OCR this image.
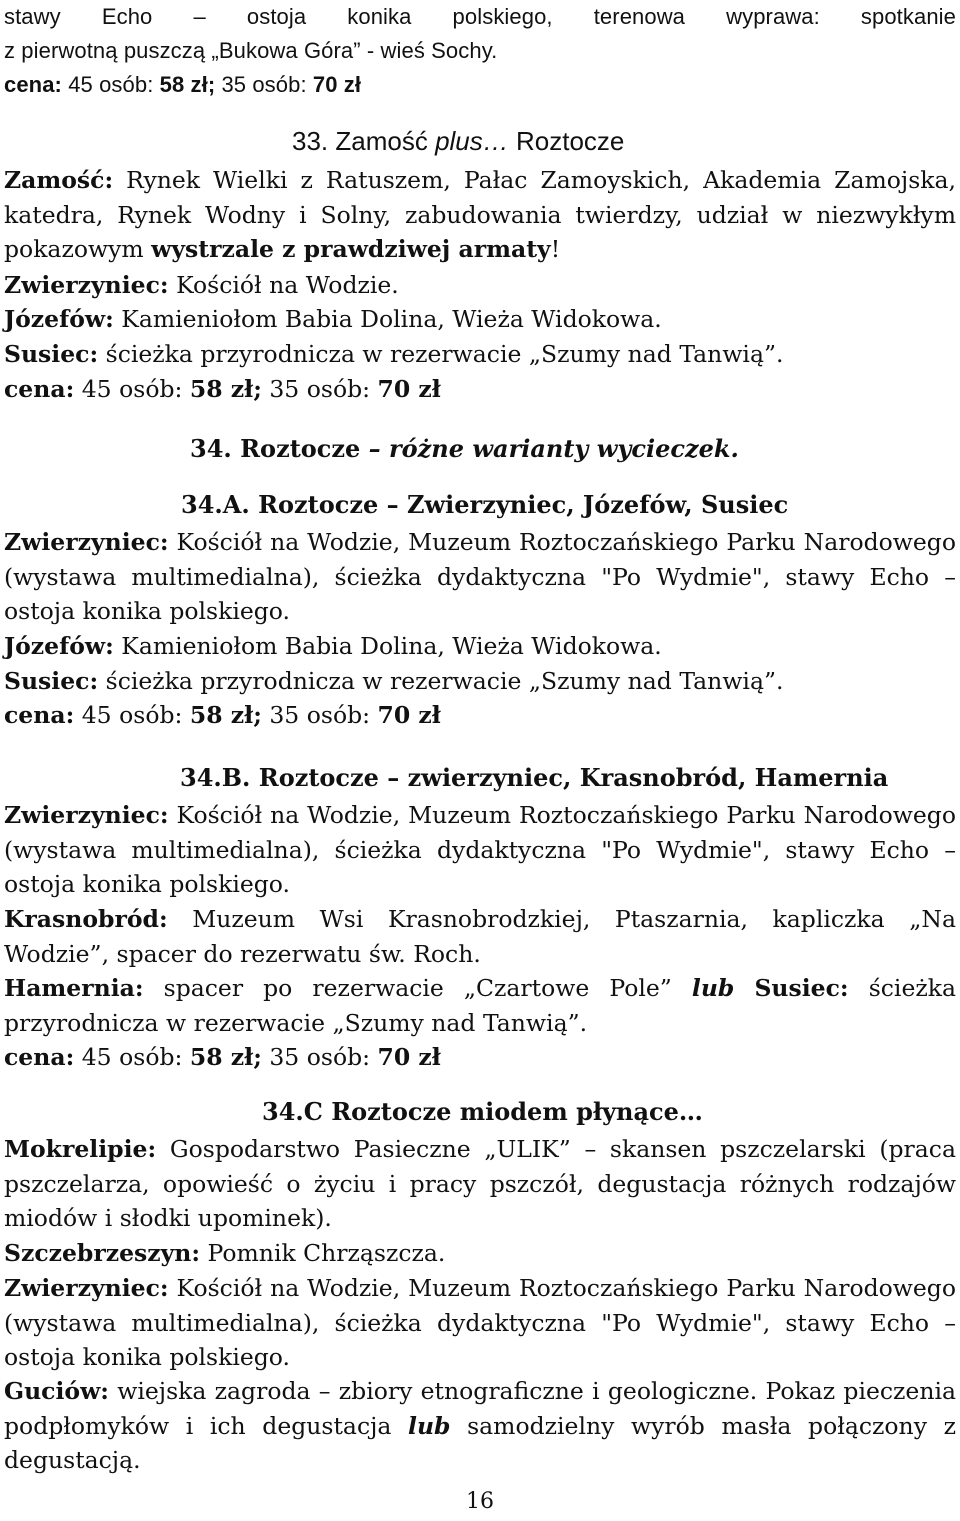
stawy Echo – ostoja konika polskiego, terenowa wyprawa: spotkanie
z pierwotną puszczą „Bukowa Góra” - wieś Sochy.
cena: 45 osób: 58 zł; 35 osób: 70 zł
33. Zamość plus… Roztocze
Zamość: Rynek Wielki z Ratuszem, Pałac Zamoyskich, Akademia Zamojska, katedra, Rynek Wodny i Solny, zabudowania twierdzy, udział w niezwykłym pokazowym wystrzale z prawdziwej armaty!
Zwierzyniec: Kościół na Wodzie.
Józefów: Kamieniołom Babia Dolina, Wieża Widokowa.
Susiec: ścieżka przyrodnicza w rezerwacie „Szumy nad Tanwią”.
cena: 45 osób: 58 zł; 35 osób: 70 zł
34. Roztocze – różne warianty wycieczek.
34.A. Roztocze – Zwierzyniec, Józefów, Susiec
Zwierzyniec: Kościół na Wodzie, Muzeum Roztoczańskiego Parku Narodowego (wystawa multimedialna), ścieżka dydaktyczna "Po Wydmie", stawy Echo – ostoja konika polskiego.
Józefów: Kamieniołom Babia Dolina, Wieża Widokowa.
Susiec: ścieżka przyrodnicza w rezerwacie „Szumy nad Tanwią”.
cena: 45 osób: 58 zł; 35 osób: 70 zł
34.B. Roztocze – zwierzyniec, Krasnobród, Hamernia
Zwierzyniec: Kościół na Wodzie, Muzeum Roztoczańskiego Parku Narodowego (wystawa multimedialna), ścieżka dydaktyczna "Po Wydmie", stawy Echo – ostoja konika polskiego.
Krasnobród: Muzeum Wsi Krasnobrodzkiej, Ptaszarnia, kapliczka „Na Wodzie”, spacer do rezerwatu św. Roch.
Hamernia: spacer po rezerwacie „Czartowe Pole” lub Susiec: ścieżka przyrodnicza w rezerwacie „Szumy nad Tanwią”.
cena: 45 osób: 58 zł; 35 osób: 70 zł
34.C Roztocze miodem płynące…
Mokrelipie: Gospodarstwo Pasieczne „ULIK” – skansen pszczelarski (praca pszczelarza, opowieść o życiu i pracy pszczół, degustacja różnych rodzajów miodów i słodki upominek).
Szczebrzeszyn: Pomnik Chrząszcza.
Zwierzyniec: Kościół na Wodzie, Muzeum Roztoczańskiego Parku Narodowego (wystawa multimedialna), ścieżka dydaktyczna "Po Wydmie", stawy Echo – ostoja konika polskiego.
Guciów: wiejska zagroda – zbiory etnograficzne i geologiczne. Pokaz pieczenia podpłomyków i ich degustacja lub samodzielny wyrób masła połączony z degustacją.
16
